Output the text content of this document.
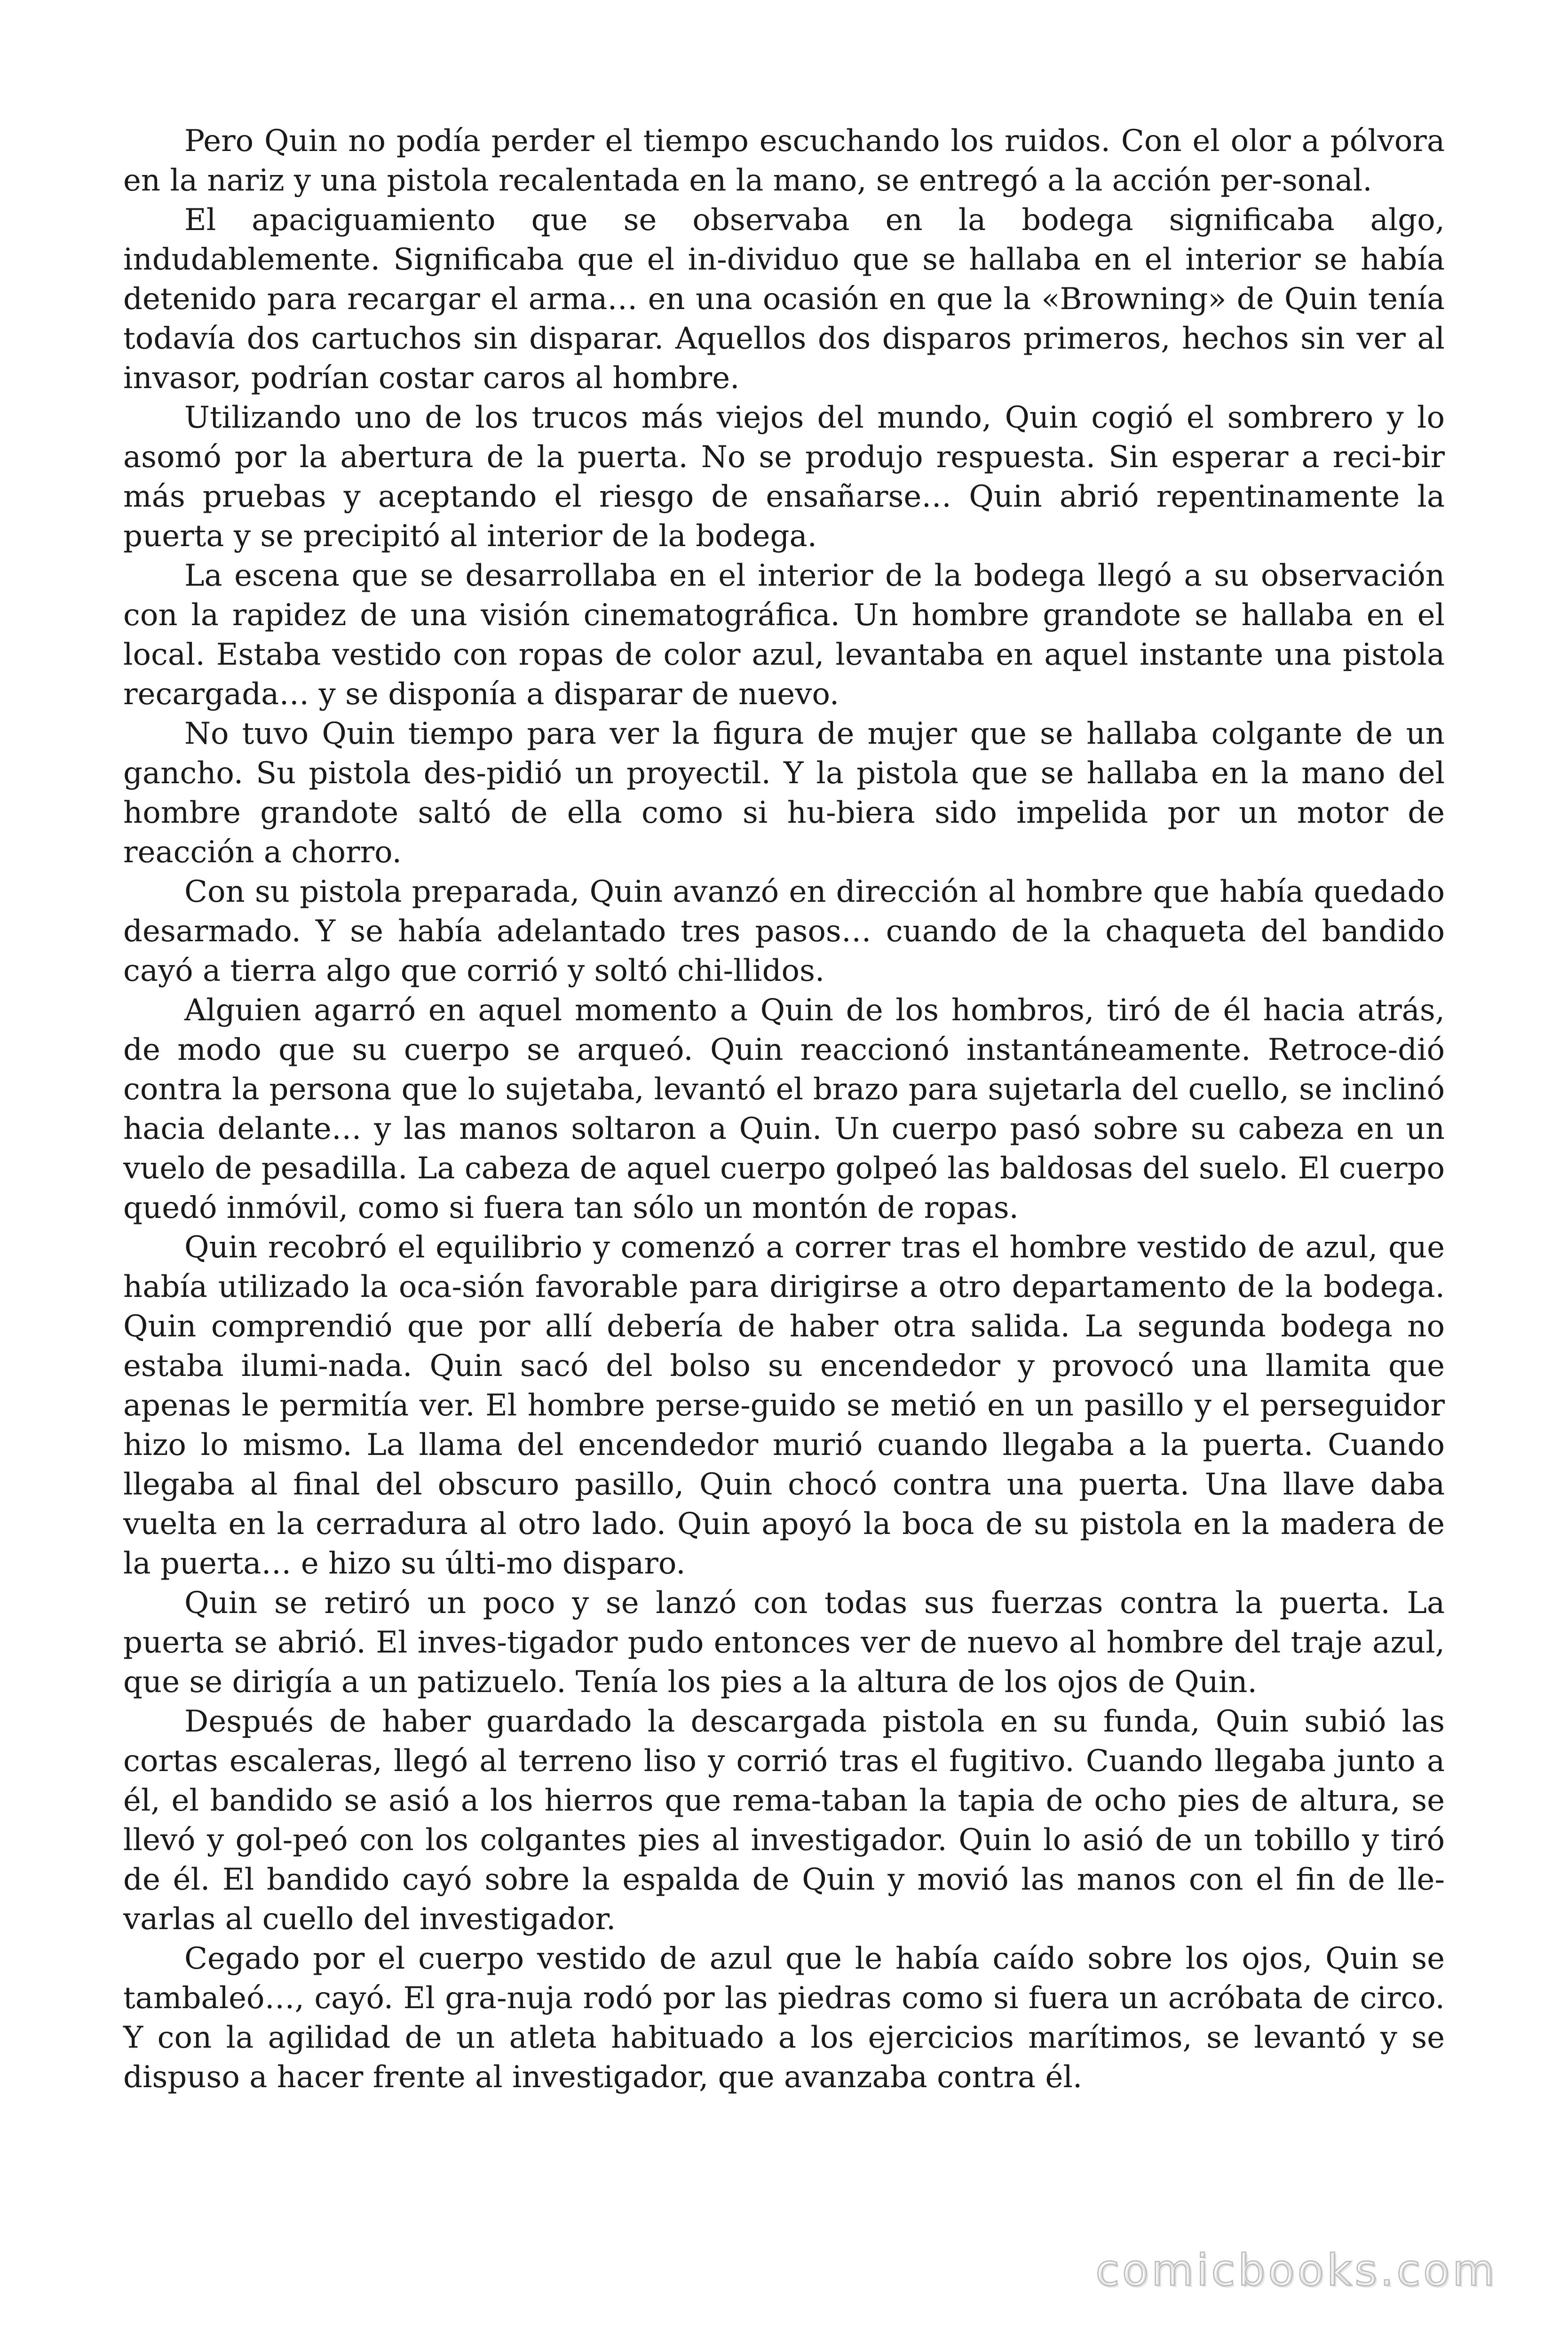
Pero Quin no podía perder el tiempo escuchando los ruidos. Con el olor a pólvora en la nariz y una pistola recalentada en la mano, se entregó a la acción per-sonal.

El apaciguamiento que se observaba en la bodega significaba algo, indudablemente. Significaba que el in-dividuo que se hallaba en el interior se había detenido para recargar el arma… en una ocasión en que la «Browning» de Quin tenía todavía dos cartuchos sin disparar. Aquellos dos disparos primeros, hechos sin ver al invasor, podrían costar caros al hombre.

Utilizando uno de los trucos más viejos del mundo, Quin cogió el sombrero y lo asomó por la abertura de la puerta. No se produjo respuesta. Sin esperar a reci-bir más pruebas y aceptando el riesgo de ensañarse… Quin abrió repentinamente la puerta y se precipitó al interior de la bodega.

La escena que se desarrollaba en el interior de la bodega llegó a su observación con la rapidez de una visión cinematográfica. Un hombre grandote se hallaba en el local. Estaba vestido con ropas de color azul, levantaba en aquel instante una pistola recargada… y se disponía a disparar de nuevo.

No tuvo Quin tiempo para ver la figura de mujer que se hallaba colgante de un gancho. Su pistola des-pidió un proyectil. Y la pistola que se hallaba en la mano del hombre grandote saltó de ella como si hu-biera sido impelida por un motor de reacción a chorro.

Con su pistola preparada, Quin avanzó en dirección al hombre que había quedado desarmado. Y se había adelantado tres pasos… cuando de la chaqueta del bandido cayó a tierra algo que corrió y soltó chi-llidos.

Alguien agarró en aquel momento a Quin de los hombros, tiró de él hacia atrás, de modo que su cuerpo se arqueó. Quin reaccionó instantáneamente. Retroce-dió contra la persona que lo sujetaba, levantó el brazo para sujetarla del cuello, se inclinó hacia delante… y las manos soltaron a Quin. Un cuerpo pasó sobre su cabeza en un vuelo de pesadilla. La cabeza de aquel cuerpo golpeó las baldosas del suelo. El cuerpo quedó inmóvil, como si fuera tan sólo un montón de ropas.

Quin recobró el equilibrio y comenzó a correr tras el hombre vestido de azul, que había utilizado la oca-sión favorable para dirigirse a otro departamento de la bodega. Quin comprendió que por allí debería de haber otra salida. La segunda bodega no estaba ilumi-nada. Quin sacó del bolso su encendedor y provocó una llamita que apenas le permitía ver. El hombre perse-guido se metió en un pasillo y el perseguidor hizo lo mismo. La llama del encendedor murió cuando llegaba a la puerta. Cuando llegaba al final del obscuro pasillo, Quin chocó contra una puerta. Una llave daba vuelta en la cerradura al otro lado. Quin apoyó la boca de su pistola en la madera de la puerta… e hizo su últi-mo disparo.

Quin se retiró un poco y se lanzó con todas sus fuerzas contra la puerta. La puerta se abrió. El inves-tigador pudo entonces ver de nuevo al hombre del traje azul, que se dirigía a un patizuelo. Tenía los pies a la altura de los ojos de Quin.

Después de haber guardado la descargada pistola en su funda, Quin subió las cortas escaleras, llegó al terreno liso y corrió tras el fugitivo. Cuando llegaba junto a él, el bandido se asió a los hierros que rema-taban la tapia de ocho pies de altura, se llevó y gol-peó con los colgantes pies al investigador. Quin lo asió de un tobillo y tiró de él. El bandido cayó sobre la espalda de Quin y movió las manos con el fin de lle-varlas al cuello del investigador.

Cegado por el cuerpo vestido de azul que le había caído sobre los ojos, Quin se tambaleó…, cayó. El gra-nuja rodó por las piedras como si fuera un acróbata de circo. Y con la agilidad de un atleta habituado a los ejercicios marítimos, se levantó y se dispuso a hacer frente al investigador, que avanzaba contra él.

comicbooks.com
